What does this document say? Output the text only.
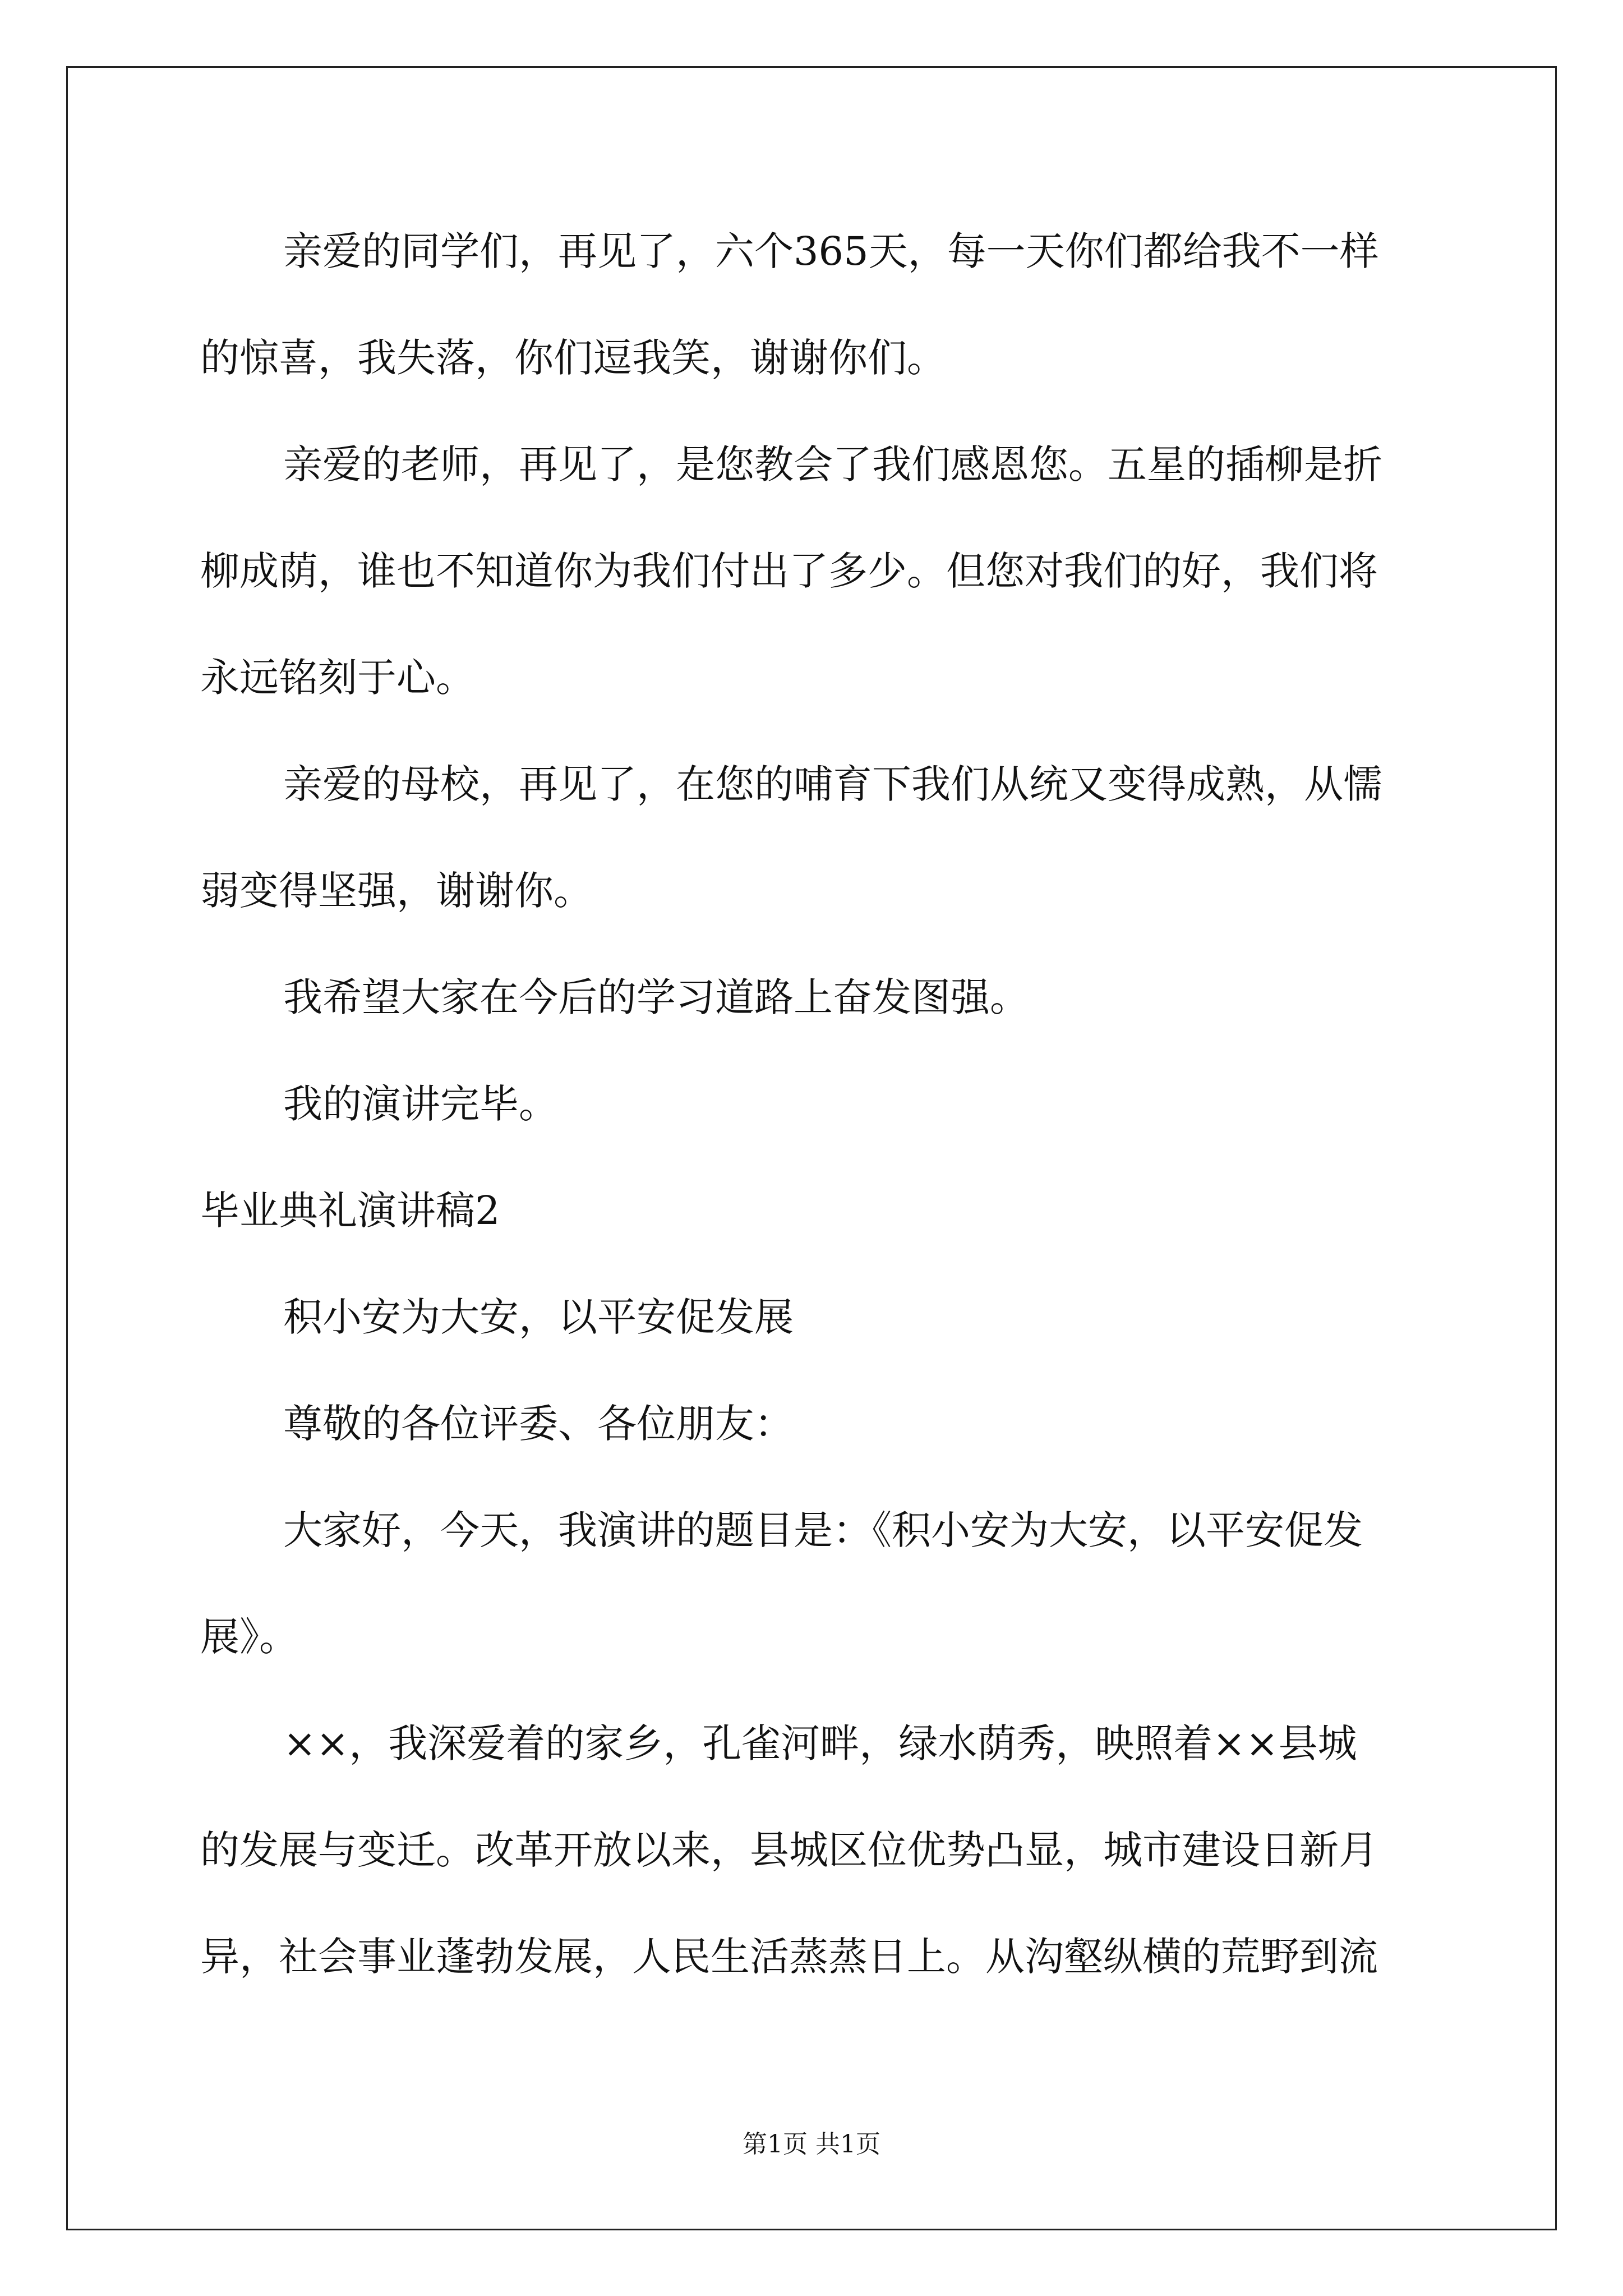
亲爱的同学们，再见了，六个365天，每一天你们都给我不一样
的惊喜，我失落，你们逗我笑，谢谢你们。
亲爱的老师，再见了，是您教会了我们感恩您。五星的插柳是折
柳成荫，谁也不知道你为我们付出了多少。但您对我们的好，我们将
永远铭刻于心。
亲爱的母校，再见了，在您的哺育下我们从统又变得成熟，从懦
弱变得坚强，谢谢你。
我希望大家在今后的学习道路上奋发图强。
我的演讲完毕。
毕业典礼演讲稿2
积小安为大安，以平安促发展
尊敬的各位评委、各位朋友：
大家好，今天，我演讲的题目是：《积小安为大安，以平安促发
展》。
××，我深爱着的家乡，孔雀河畔，绿水荫秀，映照着××县城
的发展与变迁。改革开放以来，县城区位优势凸显，城市建设日新月
异，社会事业蓬勃发展，人民生活蒸蒸日上。从沟壑纵横的荒野到流
第1页 共1页
